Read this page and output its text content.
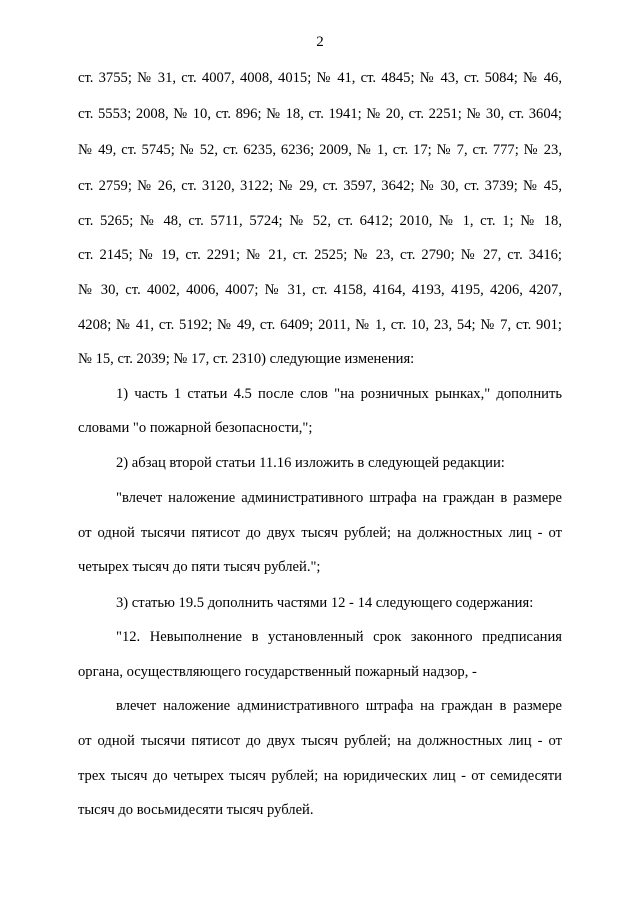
2
ст. 3755; № 31, ст. 4007, 4008, 4015; № 41, ст. 4845; № 43, ст. 5084; № 46,
ст. 5553; 2008, № 10, ст. 896; № 18, ст. 1941; № 20, ст. 2251; № 30, ст. 3604;
№ 49, ст. 5745; № 52, ст. 6235, 6236; 2009, № 1, ст. 17; № 7, ст. 777; № 23,
ст. 2759; № 26, ст. 3120, 3122; № 29, ст. 3597, 3642; № 30, ст. 3739; № 45,
ст. 5265; № 48, ст. 5711, 5724; № 52, ст. 6412; 2010, № 1, ст. 1; № 18,
ст. 2145; № 19, ст. 2291; № 21, ст. 2525; № 23, ст. 2790; № 27, ст. 3416;
№ 30, ст. 4002, 4006, 4007; № 31, ст. 4158, 4164, 4193, 4195, 4206, 4207,
4208; № 41, ст. 5192; № 49, ст. 6409; 2011, № 1, ст. 10, 23, 54; № 7, ст. 901;
№ 15, ст. 2039; № 17, ст. 2310) следующие изменения:
1) часть 1 статьи 4.5 после слов "на розничных рынках," дополнить
словами "о пожарной безопасности,";
2) абзац второй статьи 11.16 изложить в следующей редакции:
"влечет наложение административного штрафа на граждан в размере
от одной тысячи пятисот до двух тысяч рублей; на должностных лиц - от
четырех тысяч до пяти тысяч рублей.";
3) статью 19.5 дополнить частями 12 - 14 следующего содержания:
"12. Невыполнение в установленный срок законного предписания
органа, осуществляющего государственный пожарный надзор, -
влечет наложение административного штрафа на граждан в размере
от одной тысячи пятисот до двух тысяч рублей; на должностных лиц - от
трех тысяч до четырех тысяч рублей; на юридических лиц - от семидесяти
тысяч до восьмидесяти тысяч рублей.
